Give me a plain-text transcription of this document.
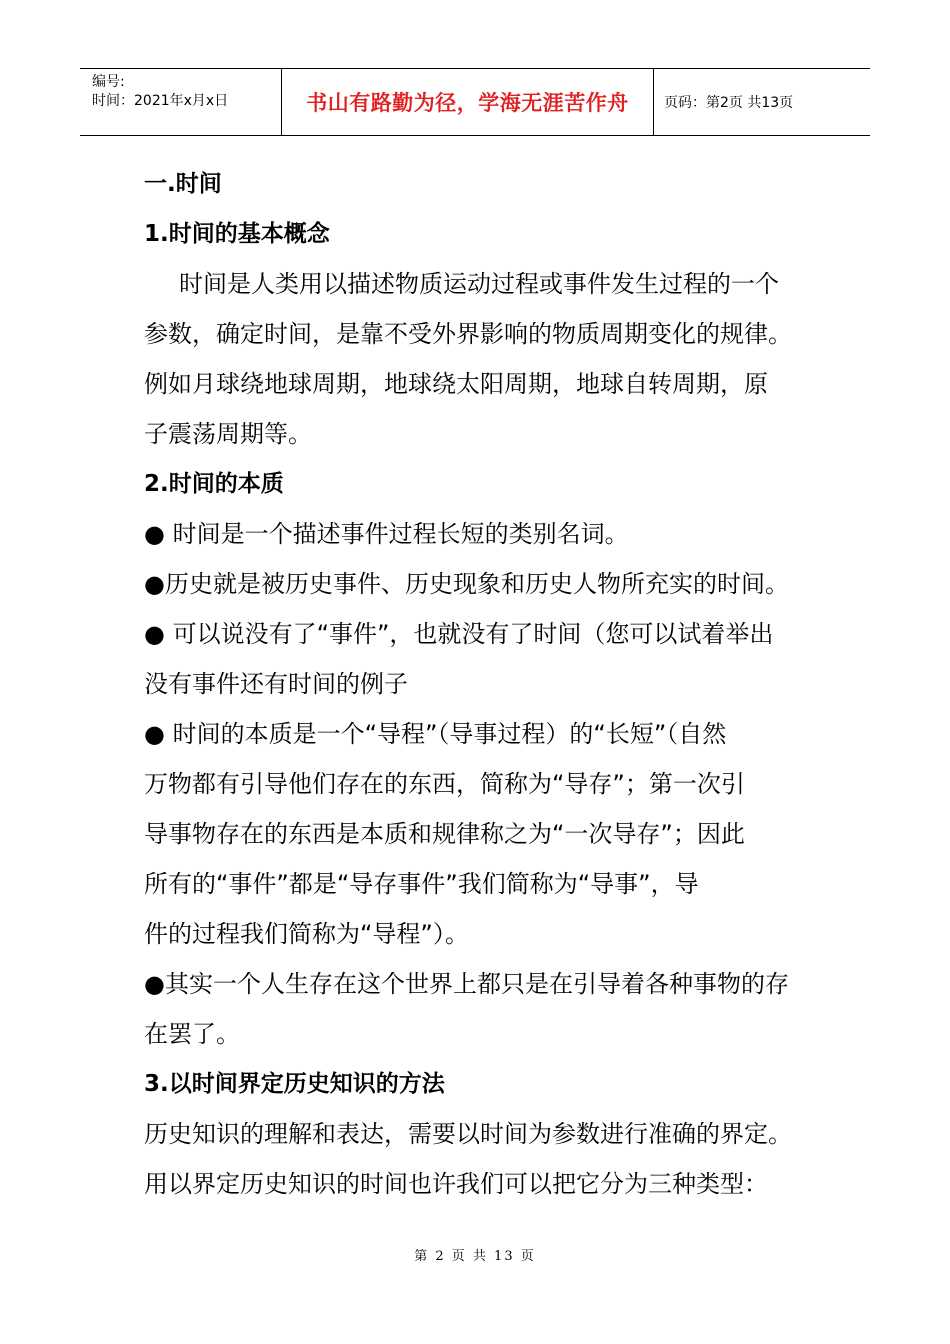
编号:
时间：2021年x月x日	书山有路勤为径，学海无涯苦作舟	页码：第2页 共13页
一.时间
1.时间的基本概念
时间是人类用以描述物质运动过程或事件发生过程的一个
参数，确定时间，是靠不受外界影响的物质周期变化的规律。
例如月球绕地球周期，地球绕太阳周期，地球自转周期，原
子震荡周期等。
2.时间的本质
● 时间是一个描述事件过程长短的类别名词。
●历史就是被历史事件、历史现象和历史人物所充实的时间。
● 可以说没有了“事件”，也就没有了时间（您可以试着举出
没有事件还有时间的例子
● 时间的本质是一个“导程”（导事过程）的“长短”（自然
万物都有引导他们存在的东西，简称为“导存”；第一次引
导事物存在的东西是本质和规律称之为“一次导存”；因此
所有的“事件”都是“导存事件”我们简称为“导事”，导
件的过程我们简称为“导程”）。
●其实一个人生存在这个世界上都只是在引导着各种事物的存
在罢了。
3.以时间界定历史知识的方法
历史知识的理解和表达，需要以时间为参数进行准确的界定。
用以界定历史知识的时间也许我们可以把它分为三种类型：
第 2 页 共 13 页
